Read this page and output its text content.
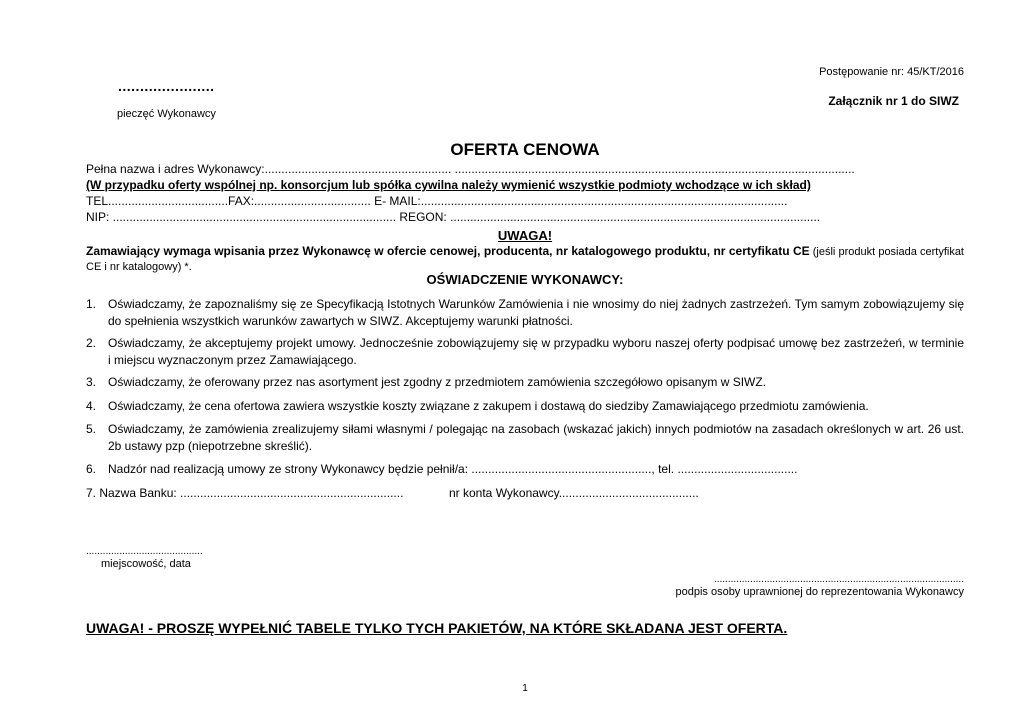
Postępowanie nr: 45/KT/2016
......................
Załącznik nr 1 do SIWZ
pieczęć Wykonawcy
OFERTA CENOWA
Pełna nazwa i adres Wykonawcy:........................................................ ........................................................................................................................
(W przypadku oferty wspólnej np. konsorcjum lub spółka cywilna należy wymienić wszystkie podmioty wchodzące w ich skład)
TEL....................................FAX:................................... E- MAIL:..............................................................................................................
NIP: ..................................................................................... REGON: ...............................................................................................................
UWAGA!
Zamawiający wymaga wpisania przez Wykonawcę w ofercie cenowej, producenta, nr katalogowego produktu, nr certyfikatu CE (jeśli produkt posiada certyfikat CE i nr katalogowy) *.
OŚWIADCZENIE WYKONAWCY:
1. Oświadczamy, że zapoznaliśmy się ze Specyfikacją Istotnych Warunków Zamówienia i nie wnosimy do niej żadnych zastrzeżeń. Tym samym zobowiązujemy się do spełnienia wszystkich warunków zawartych w SIWZ. Akceptujemy warunki płatności.
2. Oświadczamy, że akceptujemy projekt umowy. Jednocześnie zobowiązujemy się w przypadku wyboru naszej oferty podpisać umowę bez zastrzeżeń, w terminie i miejscu wyznaczonym przez Zamawiającego.
3. Oświadczamy, że oferowany przez nas asortyment jest zgodny z przedmiotem zamówienia szczegółowo opisanym w SIWZ.
4. Oświadczamy, że cena ofertowa zawiera wszystkie koszty związane z zakupem i dostawą do siedziby Zamawiającego przedmiotu zamówienia.
5. Oświadczamy, że zamówienia zrealizujemy siłami własnymi / polegając na zasobach (wskazać jakich) innych podmiotów na zasadach określonych w art. 26 ust. 2b ustawy pzp (niepotrzebne skreślić).
6. Nadzór nad realizacją umowy ze strony Wykonawcy będzie pełnił/a: ......................................................, tel. ....................................
7. Nazwa Banku: ...................................................................	nr konta Wykonawcy..........................................
..........................................
miejscowość, data
..........................................................................................
podpis osoby uprawnionej do reprezentowania Wykonawcy
UWAGA! - PROSZĘ WYPEŁNIĆ TABELE TYLKO TYCH PAKIETÓW, NA KTÓRE SKŁADANA JEST OFERTA.
1
